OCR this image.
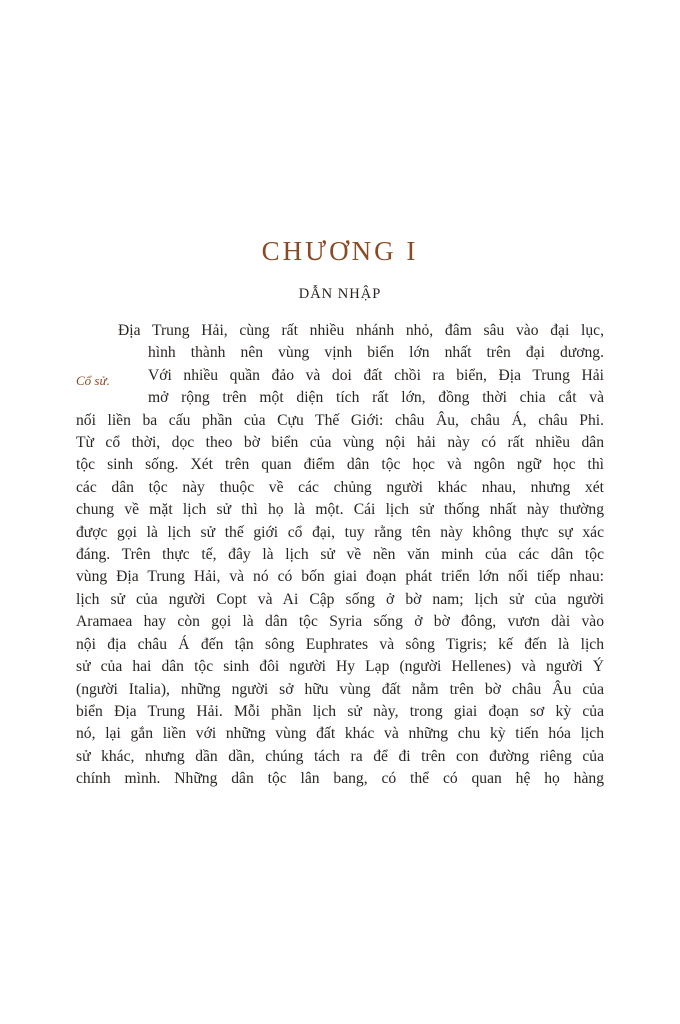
CHƯƠNG I
DẪN NHẬP
Cổ sử.
Địa Trung Hải, cùng rất nhiều nhánh nhỏ, đâm sâu vào đại lục,
hình thành nên vùng vịnh biển lớn nhất trên đại dương.
Với nhiều quần đảo và doi đất chồi ra biển, Địa Trung Hải
mở rộng trên một diện tích rất lớn, đồng thời chia cắt và
nối liền ba cấu phần của Cựu Thế Giới: châu Âu, châu Á, châu Phi.
Từ cổ thời, dọc theo bờ biển của vùng nội hải này có rất nhiều dân
tộc sinh sống. Xét trên quan điểm dân tộc học và ngôn ngữ học thì
các dân tộc này thuộc về các chủng người khác nhau, nhưng xét
chung về mặt lịch sử thì họ là một. Cái lịch sử thống nhất này thường
được gọi là lịch sử thế giới cổ đại, tuy rằng tên này không thực sự xác
đáng. Trên thực tế, đây là lịch sử về nền văn minh của các dân tộc
vùng Địa Trung Hải, và nó có bốn giai đoạn phát triển lớn nối tiếp nhau:
lịch sử của người Copt và Ai Cập sống ở bờ nam; lịch sử của người
Aramaea hay còn gọi là dân tộc Syria sống ở bờ đông, vươn dài vào
nội địa châu Á đến tận sông Euphrates và sông Tigris; kế đến là lịch
sử của hai dân tộc sinh đôi người Hy Lạp (người Hellenes) và người Ý
(người Italia), những người sở hữu vùng đất nằm trên bờ châu Âu của
biển Địa Trung Hải. Mỗi phần lịch sử này, trong giai đoạn sơ kỳ của
nó, lại gắn liền với những vùng đất khác và những chu kỳ tiến hóa lịch
sử khác, nhưng dần dần, chúng tách ra để đi trên con đường riêng của
chính mình. Những dân tộc lân bang, có thể có quan hệ họ hàng
